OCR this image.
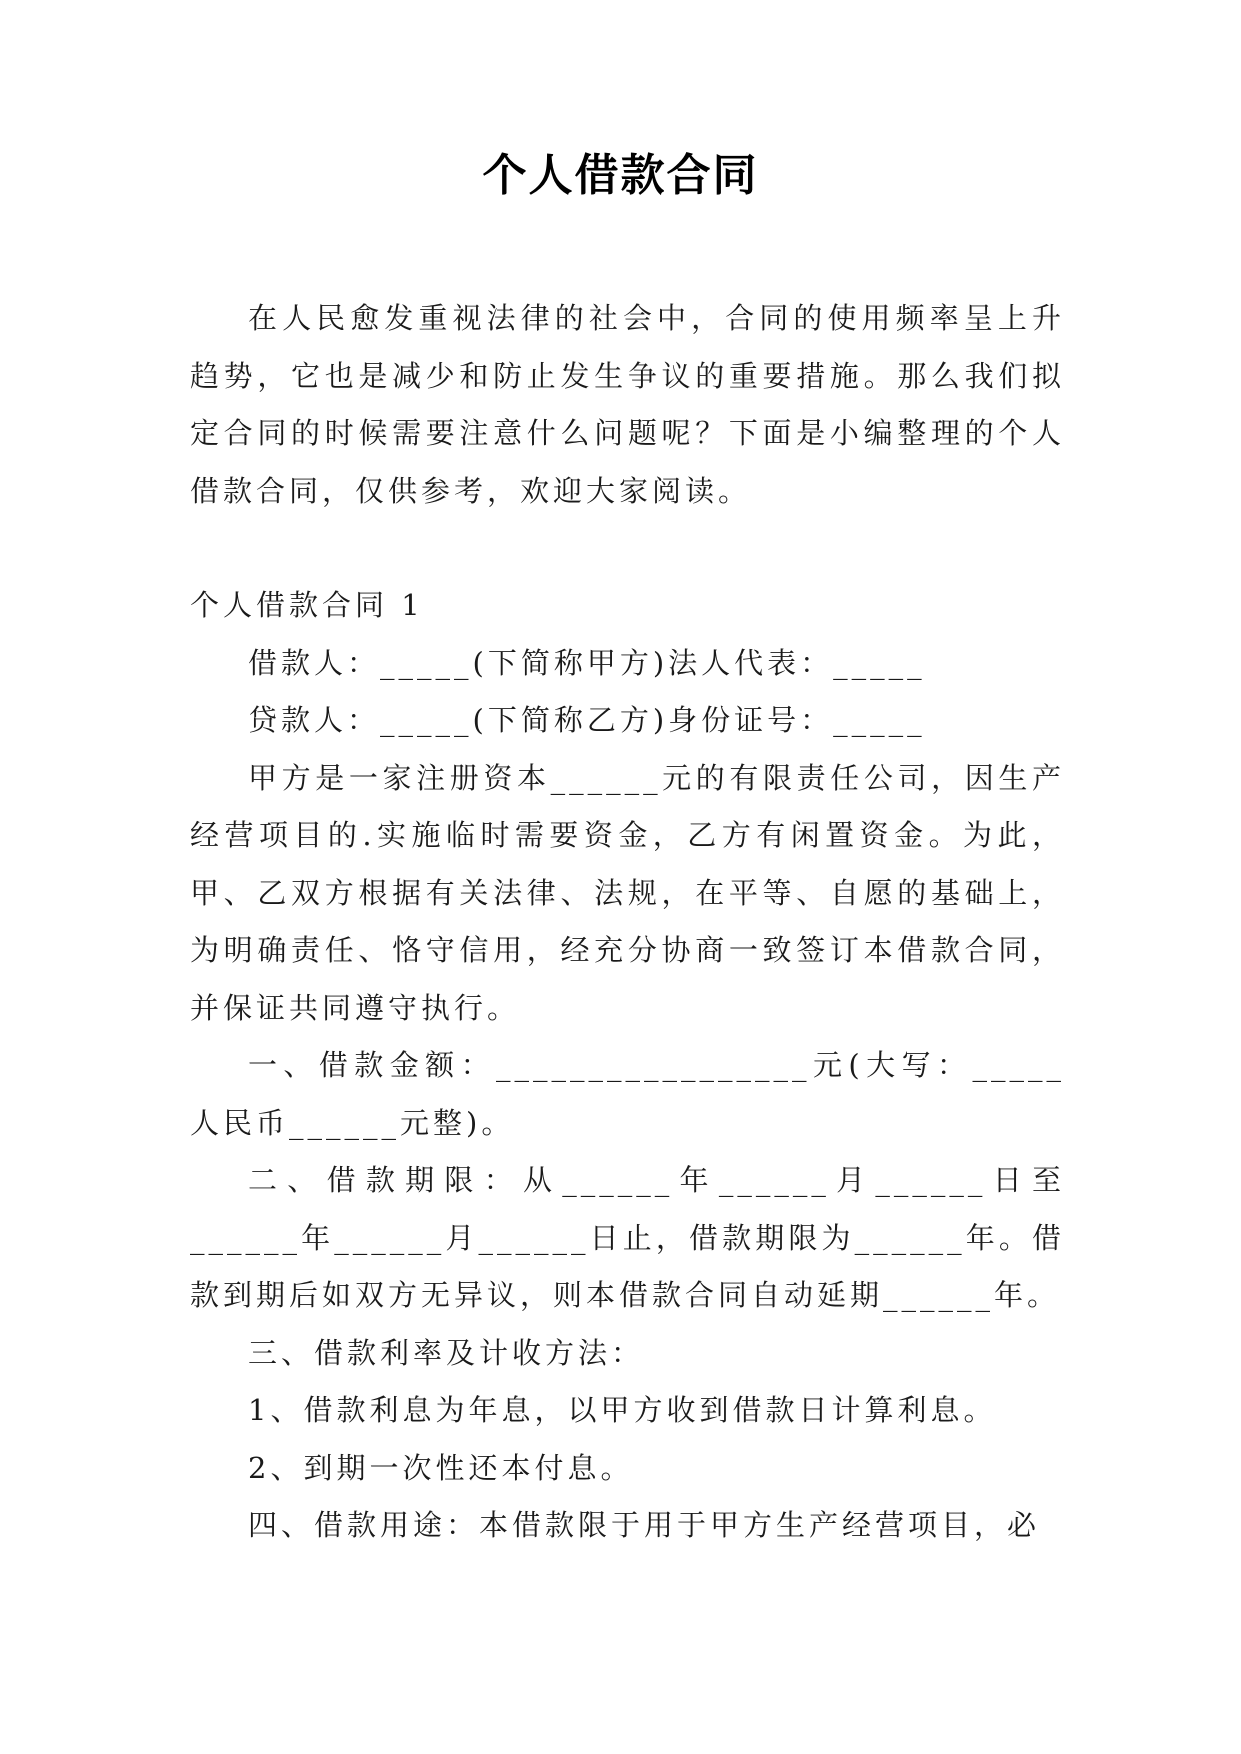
个人借款合同

在人民愈发重视法律的社会中，合同的使用频率呈上升趋势，它也是减少和防止发生争议的重要措施。那么我们拟定合同的时候需要注意什么问题呢？下面是小编整理的个人借款合同，仅供参考，欢迎大家阅读。

个人借款合同 1

借款人：_____(下简称甲方)法人代表：_____

贷款人：_____(下简称乙方)身份证号：_____

甲方是一家注册资本______元的有限责任公司，因生产经营项目的.实施临时需要资金，乙方有闲置资金。为此，甲、乙双方根据有关法律、法规，在平等、自愿的基础上，为明确责任、恪守信用，经充分协商一致签订本借款合同，并保证共同遵守执行。

一、借款金额：_________________元(大写：_____人民币______元整)。

二、借款期限：从______年______月______日至______年______月______日止，借款期限为______年。借款到期后如双方无异议，则本借款合同自动延期______年。

三、借款利率及计收方法：

1、借款利息为年息，以甲方收到借款日计算利息。

2、到期一次性还本付息。

四、借款用途：本借款限于用于甲方生产经营项目，必
